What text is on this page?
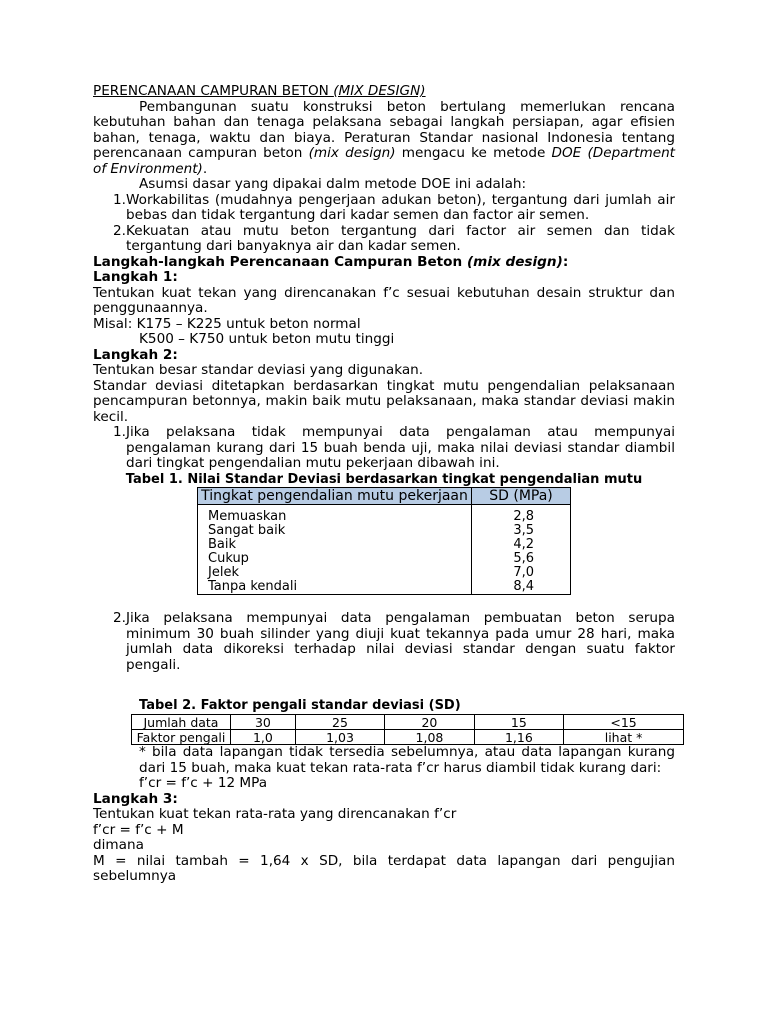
PERENCANAAN CAMPURAN BETON (MIX DESIGN)

Pembangunan suatu konstruksi beton bertulang memerlukan rencana kebutuhan bahan dan tenaga pelaksana sebagai langkah persiapan, agar efisien bahan, tenaga, waktu dan biaya. Peraturan Standar nasional Indonesia tentang perencanaan campuran beton (mix design) mengacu ke metode DOE (Department of Environment).

Asumsi dasar yang dipakai dalm metode DOE ini adalah:

1. Workabilitas (mudahnya pengerjaan adukan beton), tergantung dari jumlah air bebas dan tidak tergantung dari kadar semen dan factor air semen.
2. Kekuatan atau mutu beton tergantung dari factor air semen dan tidak tergantung dari banyaknya air dan kadar semen.

Langkah-langkah Perencanaan Campuran Beton (mix design):

Langkah 1:

Tentukan kuat tekan yang direncanakan f’c sesuai kebutuhan desain struktur dan penggunaannya.

Misal: K175 – K225 untuk beton normal

K500 – K750 untuk beton mutu tinggi

Langkah 2:

Tentukan besar standar deviasi yang digunakan.

Standar deviasi ditetapkan berdasarkan tingkat mutu pengendalian pelaksanaan pencampuran betonnya, makin baik mutu pelaksanaan, maka standar deviasi makin kecil.

1. Jika pelaksana tidak mempunyai data pengalaman atau mempunyai pengalaman kurang dari 15 buah benda uji, maka nilai deviasi standar diambil dari tingkat pengendalian mutu pekerjaan dibawah ini.

Tabel 1. Nilai Standar Deviasi berdasarkan tingkat pengendalian mutu

Tingkat pengendalian mutu pekerjaan	SD (MPa)

Memuaskan	2,8
Sangat baik	3,5
Baik	4,2
Cukup	5,6
Jelek	7,0
Tanpa kendali	8,4
2. Jika pelaksana mempunyai data pengalaman pembuatan beton serupa minimum 30 buah silinder yang diuji kuat tekannya pada umur 28 hari, maka jumlah data dikoreksi terhadap nilai deviasi standar dengan suatu faktor pengali.

Tabel 2. Faktor pengali standar deviasi (SD)

Jumlah data	30	25	20	15	<15
Faktor pengali	1,0	1,03	1,08	1,16	lihat *

* bila data lapangan tidak tersedia sebelumnya, atau data lapangan kurang dari 15 buah, maka kuat tekan rata-rata f’cr harus diambil tidak kurang dari:

f’cr = f’c + 12 MPa

Langkah 3:

Tentukan kuat tekan rata-rata yang direncanakan f’cr

f’cr = f’c + M

dimana

M = nilai tambah = 1,64 x SD, bila terdapat data lapangan dari pengujian sebelumnya
